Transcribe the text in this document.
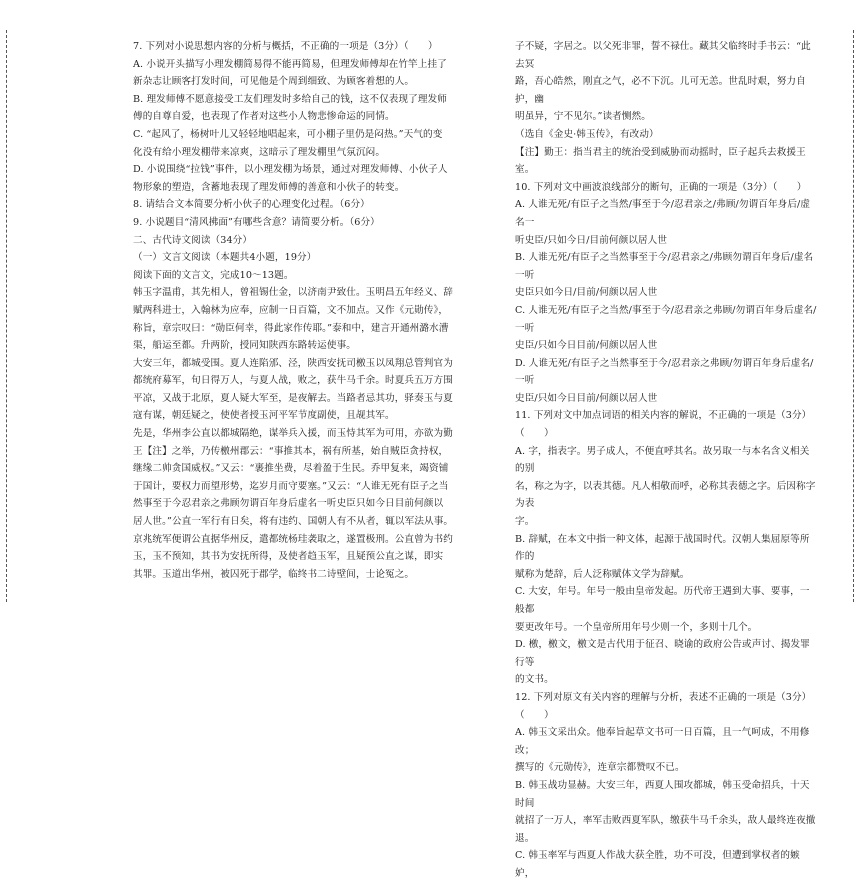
7. 下列对小说思想内容的分析与概括，不正确的一项是（3分）（　　）

A. 小说开头描写小理发棚简易得不能再简易，但理发师傅却在竹竿上挂了

新杂志让顾客打发时间，可见他是个周到细致、为顾客着想的人。

B. 理发师傅不愿意接受工友们理发时多给自己的钱，这不仅表现了理发师

傅的自尊自爱，也表现了作者对这些小人物悲惨命运的同情。

C. “起风了，杨树叶儿又轻轻地唱起来，可小棚子里仍是闷热。”天气的变

化没有给小理发棚带来凉爽，这暗示了理发棚里气氛沉闷。

D. 小说围绕“拉钱”事件，以小理发棚为场景，通过对理发师傅、小伙子人

物形象的塑造，含蓄地表现了理发师傅的善意和小伙子的转变。

8. 请结合文本简要分析小伙子的心理变化过程。（6分）

9. 小说题目“清风拂面”有哪些含意？请简要分析。（6分）

二、古代诗文阅读（34分）

（一）文言文阅读（本题共4小题，19分）

阅读下面的文言文，完成10～13题。

韩玉字温甫，其先相人，曾祖锡仕金，以济南尹致仕。玉明昌五年经义、辞

赋两科进士，入翰林为应奉，应制一日百篇，文不加点。又作《元勋传》，

称旨，章宗叹曰：“勋臣何幸，得此家作传耶。”泰和中，建言开通州潞水漕

渠，船运至都。升两阶，授同知陕西东路转运使事。

大安三年，都城受围。夏人连陷邠、泾，陕西安抚司檄玉以凤翔总管判官为

都统府募军，旬日得万人，与夏人战，败之，获牛马千余。时夏兵五万方围

平凉，又战于北原，夏人疑大军至，是夜解去。当路者忌其功，驿奏玉与夏

寇有谋，朝廷疑之，使使者授玉河平军节度副使，且觇其军。

先是，华州李公直以都城隔绝，谋举兵入援，而玉恃其军为可用，亦欲为勤

王【注】之举，乃传檄州郡云：“事推其本，祸有所基，始自贼臣贪持权，

继缘二帅贪国威权。”又云：“裹推坐费，尽着盈于生民。乔甲复来，竭资铺

于国计，要权力而望形势，迄岁月而守要塞。”又云：“人谁无死有臣子之当

然事至于今忍君亲之弗顾勿谓百年身后虚名一听史臣只如今日目前何颜以

居人世。”公直一军行有日矣，将有违约、国朝人有不从者，辄以军法从事。

京兆统军便谓公直据华州反，遣都统杨珪袭取之，遂置极刑。公直曾为书约

玉，玉不预知，其书为安抚所得，及使者趋玉军，且疑预公直之谋，即实

其罪。玉道出华州，被囚死于郡学，临终书二诗壁间，士论冤之。

子不疑，字居之。以父死非罪，誓不禄仕。藏其父临终时手书云：“此去冥

路，吾心皓然，刚直之气，必不下沉。儿可无恙。世乱时艰，努力自护，幽

明虽异，宁不见尔。”读者恻然。

（选自《金史·韩玉传》，有改动）

【注】勤王：指当君主的统治受到威胁而动摇时，臣子起兵去救援王室。

10. 下列对文中画波浪线部分的断句，正确的一项是（3分）（　　）

A. 人谁无死/有臣子之当然/事至于今/忍君亲之/弗顾/勿谓百年身后/虚名一

听史臣/只如今日/目前何颜以居人世

B. 人谁无死/有臣子之当然事至于今/忍君亲之/弗顾勿谓百年身后/虚名一听

史臣只如今日/目前/何颜以居人世

C. 人谁无死/有臣子之当然/事至于今/忍君亲之弗顾/勿谓百年身后虚名/一听

史臣/只如今日目前/何颜以居人世

D. 人谁无死/有臣子之当然事至于今/忍君亲之弗顾/勿谓百年身后虚名/一听

史臣/只如今日目前/何颜以居人世

11. 下列对文中加点词语的相关内容的解说，不正确的一项是（3分）（　　）

A. 字，指表字。男子成人，不便直呼其名。故另取一与本名含义相关的别

名，称之为字，以表其德。凡人相敬而呼，必称其表德之字。后因称字为表

字。

B. 辞赋，在本文中指一种文体，起源于战国时代。汉朝人集屈原等所作的

赋称为楚辞，后人泛称赋体文学为辞赋。

C. 大安，年号。年号一般由皇帝发起。历代帝王遇到大事、要事，一般都

要更改年号。一个皇帝所用年号少则一个，多则十几个。

D. 檄，檄文，檄文是古代用于征召、晓谕的政府公告或声讨、揭发罪行等

的文书。

12. 下列对原文有关内容的理解与分析，表述不正确的一项是（3分）（　　）

A. 韩玉文采出众。他奉旨起草文书可一日百篇，且一气呵成，不用修改；

撰写的《元勋传》，连章宗都赞叹不已。

B. 韩玉战功显赫。大安三年，西夏人围攻都城，韩玉受命招兵，十天时间

就招了一万人，率军击败西夏军队，缴获牛马千余头，敌人最终连夜撤退。

C. 韩玉率军与西夏人作战大获全胜，功不可没，但遭到掌权者的嫉妒，
